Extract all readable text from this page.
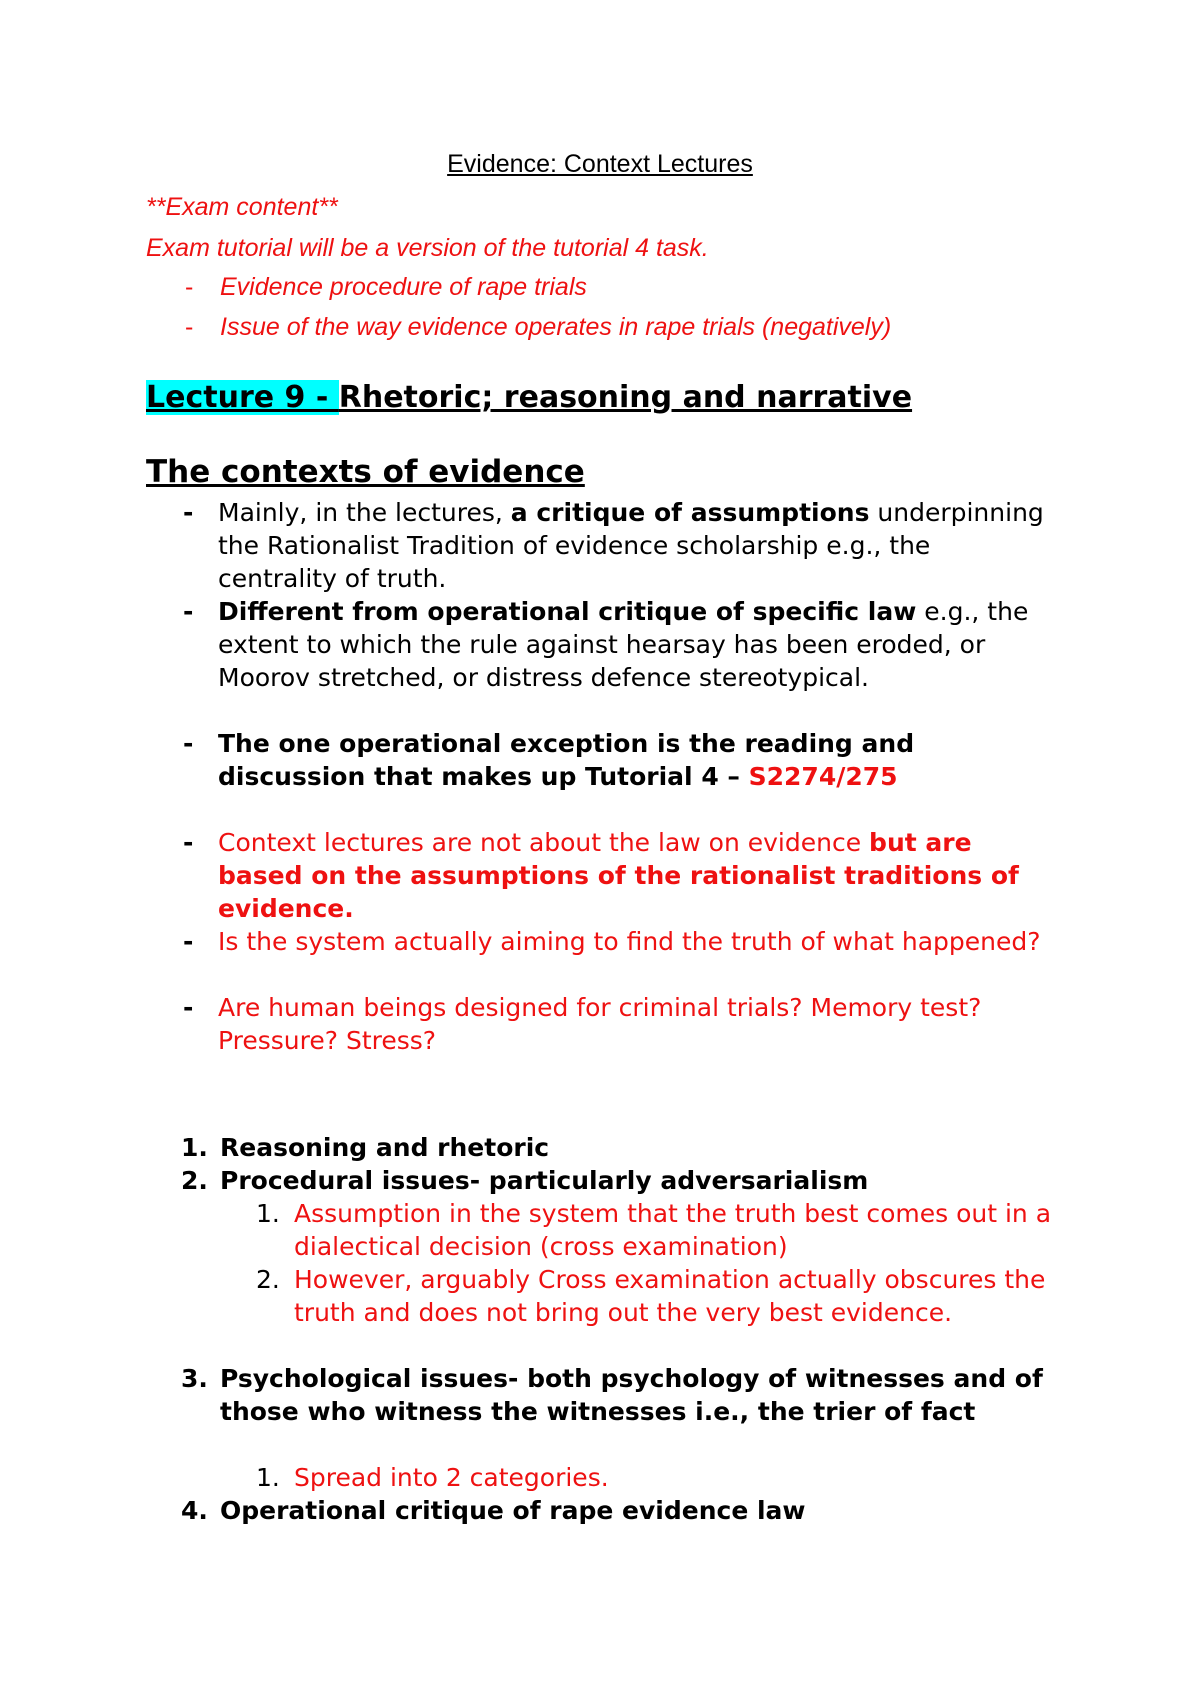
Evidence: Context Lectures
**Exam content**
Exam tutorial will be a version of the tutorial 4 task.
- Evidence procedure of rape trials
- Issue of the way evidence operates in rape trials (negatively)
Lecture 9 - Rhetoric; reasoning and narrative
The contexts of evidence
- Mainly, in the lectures, a critique of assumptions underpinning the Rationalist Tradition of evidence scholarship e.g., the centrality of truth.
- Different from operational critique of specific law e.g., the extent to which the rule against hearsay has been eroded, or Moorov stretched, or distress defence stereotypical.
- The one operational exception is the reading and discussion that makes up Tutorial 4 – S2274/275
- Context lectures are not about the law on evidence but are based on the assumptions of the rationalist traditions of evidence.
- Is the system actually aiming to find the truth of what happened?
- Are human beings designed for criminal trials? Memory test? Pressure? Stress?
1. Reasoning and rhetoric
2. Procedural issues- particularly adversarialism
1. Assumption in the system that the truth best comes out in a dialectical decision (cross examination)
2. However, arguably Cross examination actually obscures the truth and does not bring out the very best evidence.
3. Psychological issues- both psychology of witnesses and of those who witness the witnesses i.e., the trier of fact
1. Spread into 2 categories.
4. Operational critique of rape evidence law
